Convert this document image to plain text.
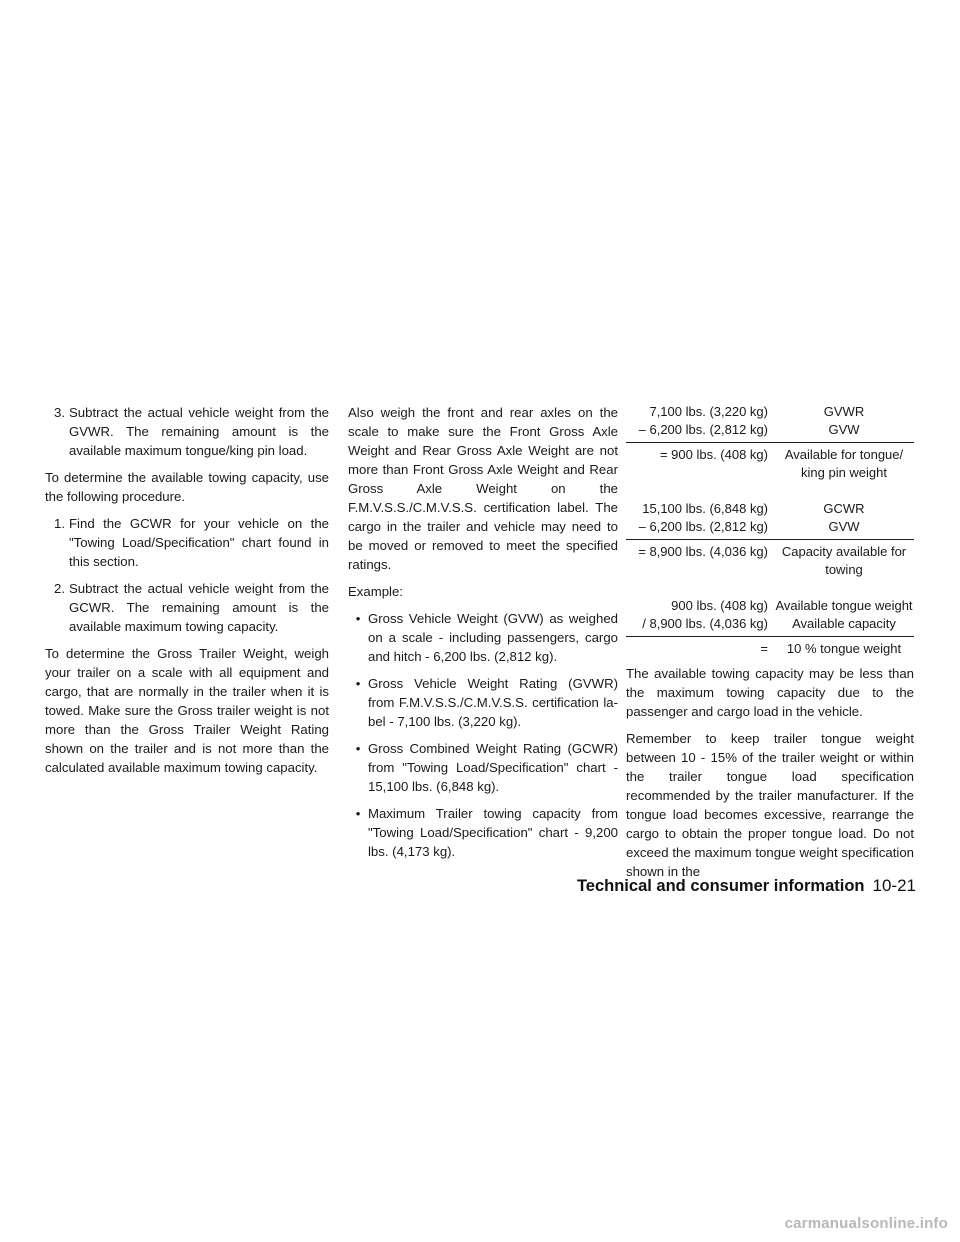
3. Subtract the actual vehicle weight from the GVWR. The remaining amount is the available maximum tongue/king pin load.

To determine the available towing capacity, use the following procedure.

1. Find the GCWR for your vehicle on the "Towing Load/Specification" chart found in this section.
2. Subtract the actual vehicle weight from the GCWR. The remaining amount is the available maximum towing capacity.

To determine the Gross Trailer Weight, weigh your trailer on a scale with all equipment and cargo, that are normally in the trailer when it is towed. Make sure the Gross trailer weight is not more than the Gross Trailer Weight Rating shown on the trailer and is not more than the calculated available maximum towing capacity.

Also weigh the front and rear axles on the scale to make sure the Front Gross Axle Weight and Rear Gross Axle Weight are not more than Front Gross Axle Weight and Rear Gross Axle Weight on the F.M.V.S.S./C.M.V.S.S. certification label. The cargo in the trailer and vehicle may need to be moved or removed to meet the specified ratings.

Example:

• Gross Vehicle Weight (GVW) as weighed on a scale - including passengers, cargo and hitch - 6,200 lbs. (2,812 kg).
• Gross Vehicle Weight Rating (GVWR) from F.M.V.S.S./C.M.V.S.S. certification label - 7,100 lbs. (3,220 kg).
• Gross Combined Weight Rating (GCWR) from "Towing Load/Specification" chart - 15,100 lbs. (6,848 kg).
• Maximum Trailer towing capacity from "Towing Load/Specification" chart - 9,200 lbs. (4,173 kg).
7,100 lbs. (3,220 kg)	GVWR
– 6,200 lbs. (2,812 kg)	GVW
= 900 lbs. (408 kg)	Available for tongue/ king pin weight
15,100 lbs. (6,848 kg)	GCWR
– 6,200 lbs. (2,812 kg)	GVW
= 8,900 lbs. (4,036 kg)	Capacity available for towing
900 lbs. (408 kg) Available tongue weight
/ 8,900 lbs. (4,036 kg)	Available capacity
=	10 % tongue weight

The available towing capacity may be less than the maximum towing capacity due to the passenger and cargo load in the vehicle.

Remember to keep trailer tongue weight between 10 - 15% of the trailer weight or within the trailer tongue load specification recommended by the trailer manufacturer. If the tongue load becomes excessive, rearrange the cargo to obtain the proper tongue load. Do not exceed the maximum tongue weight specification shown in the

Technical and consumer information 10-21
carmanualsonline.info
